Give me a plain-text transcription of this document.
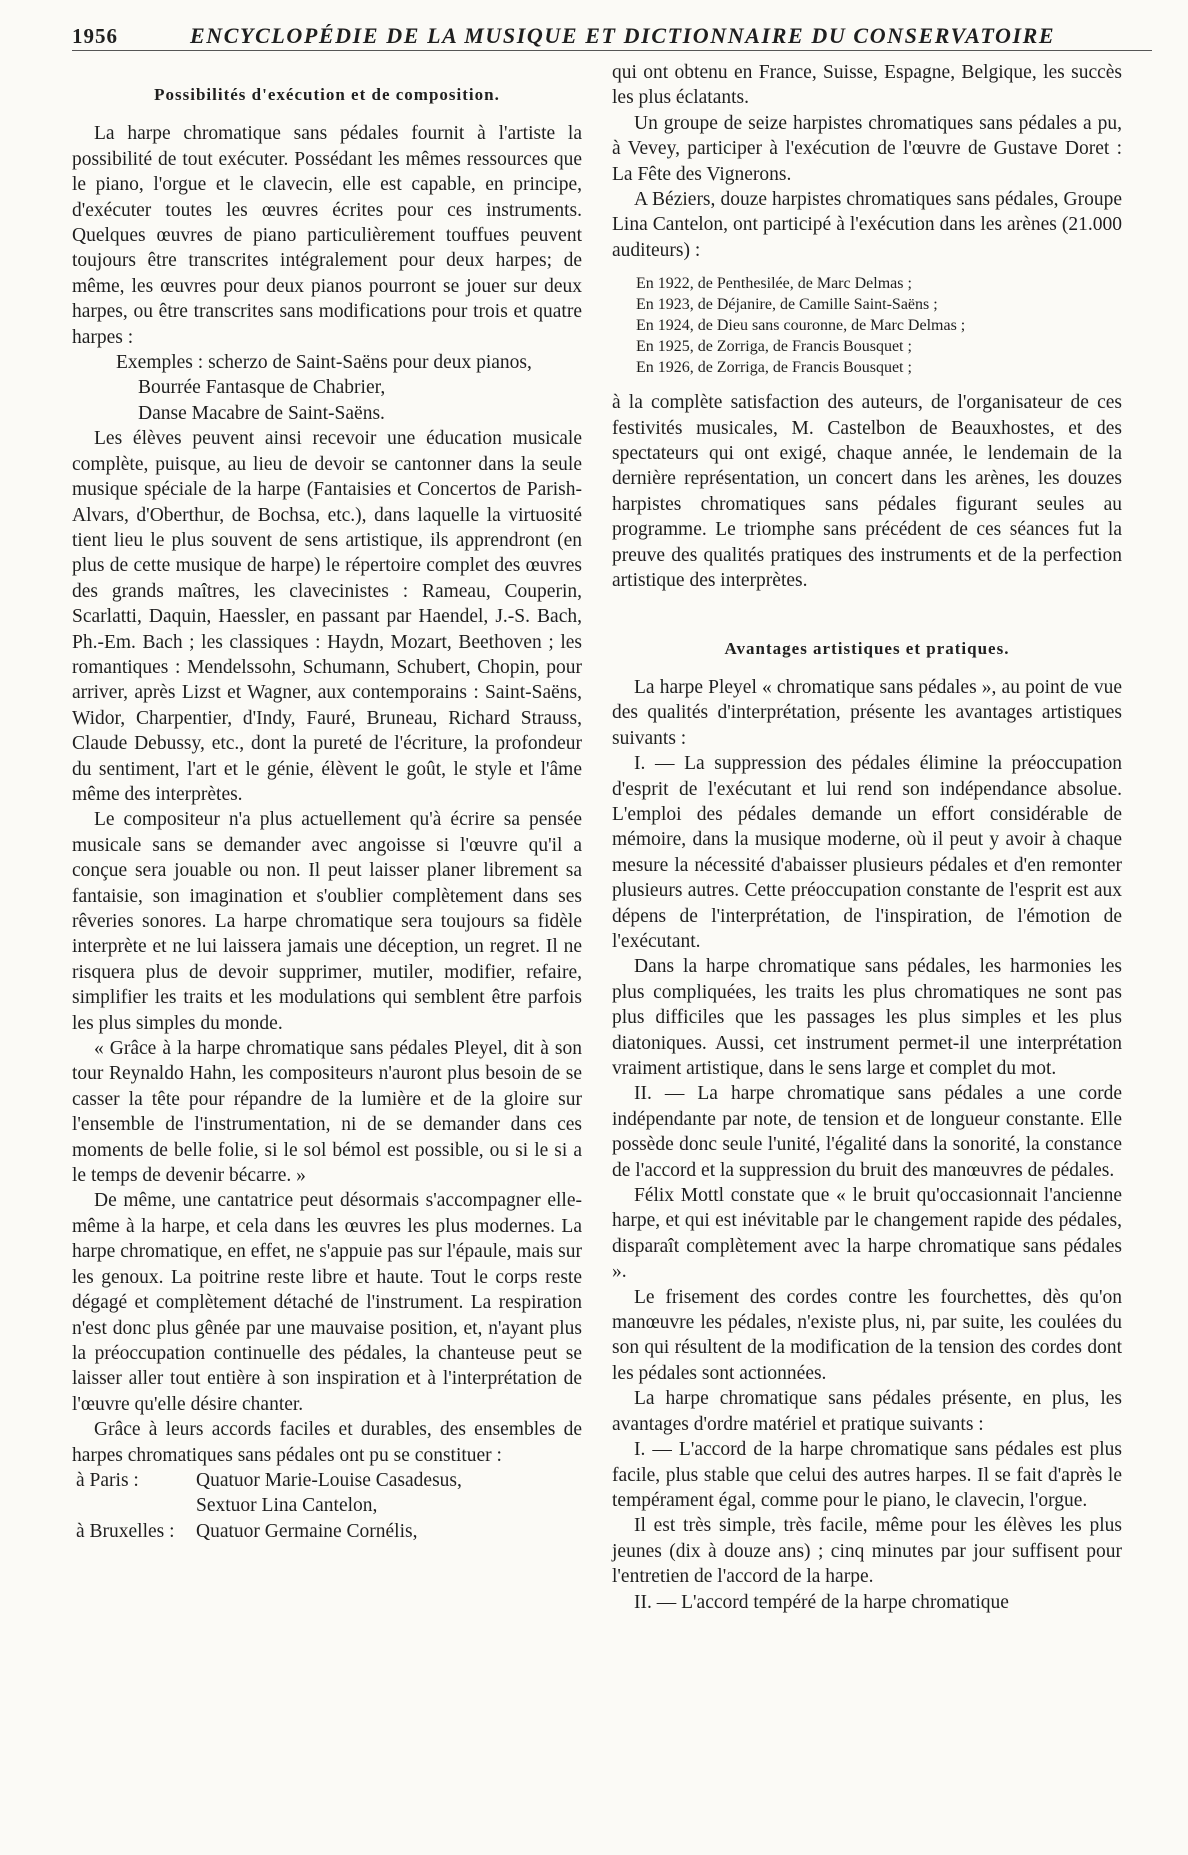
1956	ENCYCLOPÉDIE DE LA MUSIQUE ET DICTIONNAIRE DU CONSERVATOIRE
Possibilités d'exécution et de composition.

La harpe chromatique sans pédales fournit à l'artiste la possibilité de tout exécuter. Possédant les mêmes ressources que le piano, l'orgue et le clavecin, elle est capable, en principe, d'exécuter toutes les œuvres écrites pour ces instruments. Quelques œuvres de piano particulièrement touffues peuvent toujours être transcrites intégralement pour deux harpes; de même, les œuvres pour deux pianos pourront se jouer sur deux harpes, ou être transcrites sans modifications pour trois et quatre harpes :

Exemples : scherzo de Saint-Saëns pour deux pianos,
Bourrée Fantasque de Chabrier,
Danse Macabre de Saint-Saëns.

Les élèves peuvent ainsi recevoir une éducation musicale complète, puisque, au lieu de devoir se cantonner dans la seule musique spéciale de la harpe (Fantaisies et Concertos de Parish-Alvars, d'Oberthur, de Bochsa, etc.), dans laquelle la virtuosité tient lieu le plus souvent de sens artistique, ils apprendront (en plus de cette musique de harpe) le répertoire complet des œuvres des grands maîtres, les clavecinistes : Rameau, Couperin, Scarlatti, Daquin, Haessler, en passant par Haendel, J.-S. Bach, Ph.-Em. Bach ; les classiques : Haydn, Mozart, Beethoven ; les romantiques : Mendelssohn, Schumann, Schubert, Chopin, pour arriver, après Lizst et Wagner, aux contemporains : Saint-Saëns, Widor, Charpentier, d'Indy, Fauré, Bruneau, Richard Strauss, Claude Debussy, etc., dont la pureté de l'écriture, la profondeur du sentiment, l'art et le génie, élèvent le goût, le style et l'âme même des interprètes.

Le compositeur n'a plus actuellement qu'à écrire sa pensée musicale sans se demander avec angoisse si l'œuvre qu'il a conçue sera jouable ou non. Il peut laisser planer librement sa fantaisie, son imagination et s'oublier complètement dans ses rêveries sonores. La harpe chromatique sera toujours sa fidèle interprète et ne lui laissera jamais une déception, un regret. Il ne risquera plus de devoir supprimer, mutiler, modifier, refaire, simplifier les traits et les modulations qui semblent être parfois les plus simples du monde.

« Grâce à la harpe chromatique sans pédales Pleyel, dit à son tour Reynaldo Hahn, les compositeurs n'auront plus besoin de se casser la tête pour répandre de la lumière et de la gloire sur l'ensemble de l'instrumentation, ni de se demander dans ces moments de belle folie, si le sol bémol est possible, ou si le si a le temps de devenir bécarre. »

De même, une cantatrice peut désormais s'accompagner elle-même à la harpe, et cela dans les œuvres les plus modernes. La harpe chromatique, en effet, ne s'appuie pas sur l'épaule, mais sur les genoux. La poitrine reste libre et haute. Tout le corps reste dégagé et complètement détaché de l'instrument. La respiration n'est donc plus gênée par une mauvaise position, et, n'ayant plus la préoccupation continuelle des pédales, la chanteuse peut se laisser aller tout entière à son inspiration et à l'interprétation de l'œuvre qu'elle désire chanter.

Grâce à leurs accords faciles et durables, des ensembles de harpes chromatiques sans pédales ont pu se constituer :

à Paris :	Quatuor Marie-Louise Casadesus,
Sextuor Lina Cantelon,
à Bruxelles :	Quatuor Germaine Cornélis,

qui ont obtenu en France, Suisse, Espagne, Belgique, les succès les plus éclatants.

Un groupe de seize harpistes chromatiques sans pédales a pu, à Vevey, participer à l'exécution de l'œuvre de Gustave Doret : La Fête des Vignerons.

A Béziers, douze harpistes chromatiques sans pédales, Groupe Lina Cantelon, ont participé à l'exécution dans les arènes (21.000 auditeurs) :

En 1922, de Penthesilée, de Marc Delmas ;
En 1923, de Déjanire, de Camille Saint-Saëns ;
En 1924, de Dieu sans couronne, de Marc Delmas ;
En 1925, de Zorriga, de Francis Bousquet ;
En 1926, de Zorriga, de Francis Bousquet ;

à la complète satisfaction des auteurs, de l'organisateur de ces festivités musicales, M. Castelbon de Beauxhostes, et des spectateurs qui ont exigé, chaque année, le lendemain de la dernière représentation, un concert dans les arènes, les douzes harpistes chromatiques sans pédales figurant seules au programme. Le triomphe sans précédent de ces séances fut la preuve des qualités pratiques des instruments et de la perfection artistique des interprètes.

Avantages artistiques et pratiques.

La harpe Pleyel « chromatique sans pédales », au point de vue des qualités d'interprétation, présente les avantages artistiques suivants :

I. — La suppression des pédales élimine la préoccupation d'esprit de l'exécutant et lui rend son indépendance absolue. L'emploi des pédales demande un effort considérable de mémoire, dans la musique moderne, où il peut y avoir à chaque mesure la nécessité d'abaisser plusieurs pédales et d'en remonter plusieurs autres. Cette préoccupation constante de l'esprit est aux dépens de l'interprétation, de l'inspiration, de l'émotion de l'exécutant.

Dans la harpe chromatique sans pédales, les harmonies les plus compliquées, les traits les plus chromatiques ne sont pas plus difficiles que les passages les plus simples et les plus diatoniques. Aussi, cet instrument permet-il une interprétation vraiment artistique, dans le sens large et complet du mot.

II. — La harpe chromatique sans pédales a une corde indépendante par note, de tension et de longueur constante. Elle possède donc seule l'unité, l'égalité dans la sonorité, la constance de l'accord et la suppression du bruit des manœuvres de pédales.

Félix Mottl constate que « le bruit qu'occasionnait l'ancienne harpe, et qui est inévitable par le changement rapide des pédales, disparaît complètement avec la harpe chromatique sans pédales ».

Le frisement des cordes contre les fourchettes, dès qu'on manœuvre les pédales, n'existe plus, ni, par suite, les coulées du son qui résultent de la modification de la tension des cordes dont les pédales sont actionnées.

La harpe chromatique sans pédales présente, en plus, les avantages d'ordre matériel et pratique suivants :

I. — L'accord de la harpe chromatique sans pédales est plus facile, plus stable que celui des autres harpes. Il se fait d'après le tempérament égal, comme pour le piano, le clavecin, l'orgue.

Il est très simple, très facile, même pour les élèves les plus jeunes (dix à douze ans) ; cinq minutes par jour suffisent pour l'entretien de l'accord de la harpe.

II. — L'accord tempéré de la harpe chromatique
